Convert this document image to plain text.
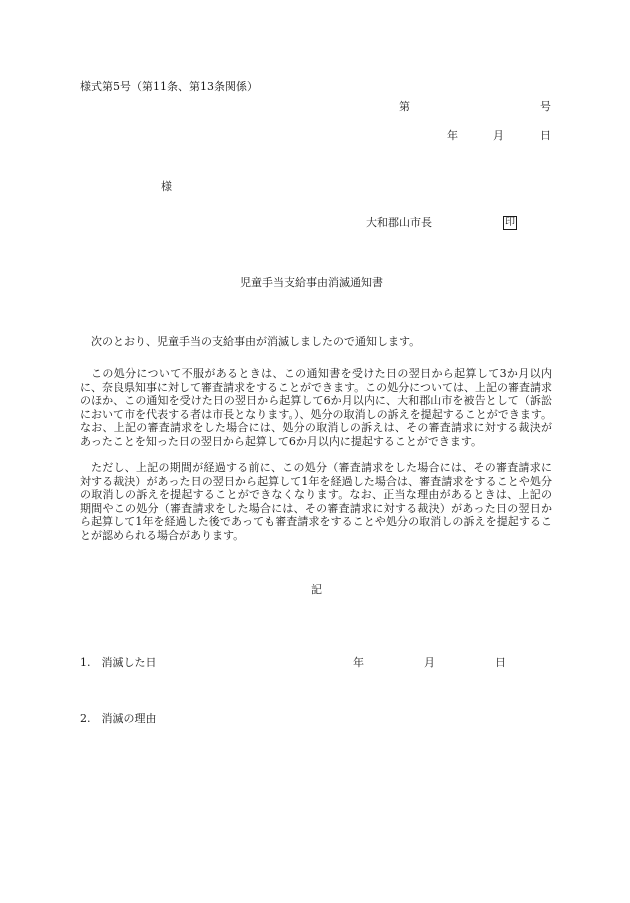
様式第5号（第11条、第13条関係）
第	号
年	月	日
様
大和郡山市長	印
児童手当支給事由消滅通知書
次のとおり、児童手当の支給事由が消滅しましたので通知します。

この処分について不服があるときは、この通知書を受けた日の翌日から起算して3か月以内に、奈良県知事に対して審査請求をすることができます。この処分については、上記の審査請求のほか、この通知を受けた日の翌日から起算して6か月以内に、大和郡山市を被告として（訴訟において市を代表する者は市長となります。）、処分の取消しの訴えを提起することができます。なお、上記の審査請求をした場合には、処分の取消しの訴えは、その審査請求に対する裁決があったことを知った日の翌日から起算して6か月以内に提起することができます。

ただし、上記の期間が経過する前に、この処分（審査請求をした場合には、その審査請求に対する裁決）があった日の翌日から起算して1年を経過した場合は、審査請求をすることや処分の取消しの訴えを提起することができなくなります。なお、正当な理由があるときは、上記の期間やこの処分（審査請求をした場合には、その審査請求に対する裁決）があった日の翌日から起算して1年を経過した後であっても審査請求をすることや処分の取消しの訴えを提起することが認められる場合があります。

記
1.　消滅した日	年	月	日
2.　消滅の理由
